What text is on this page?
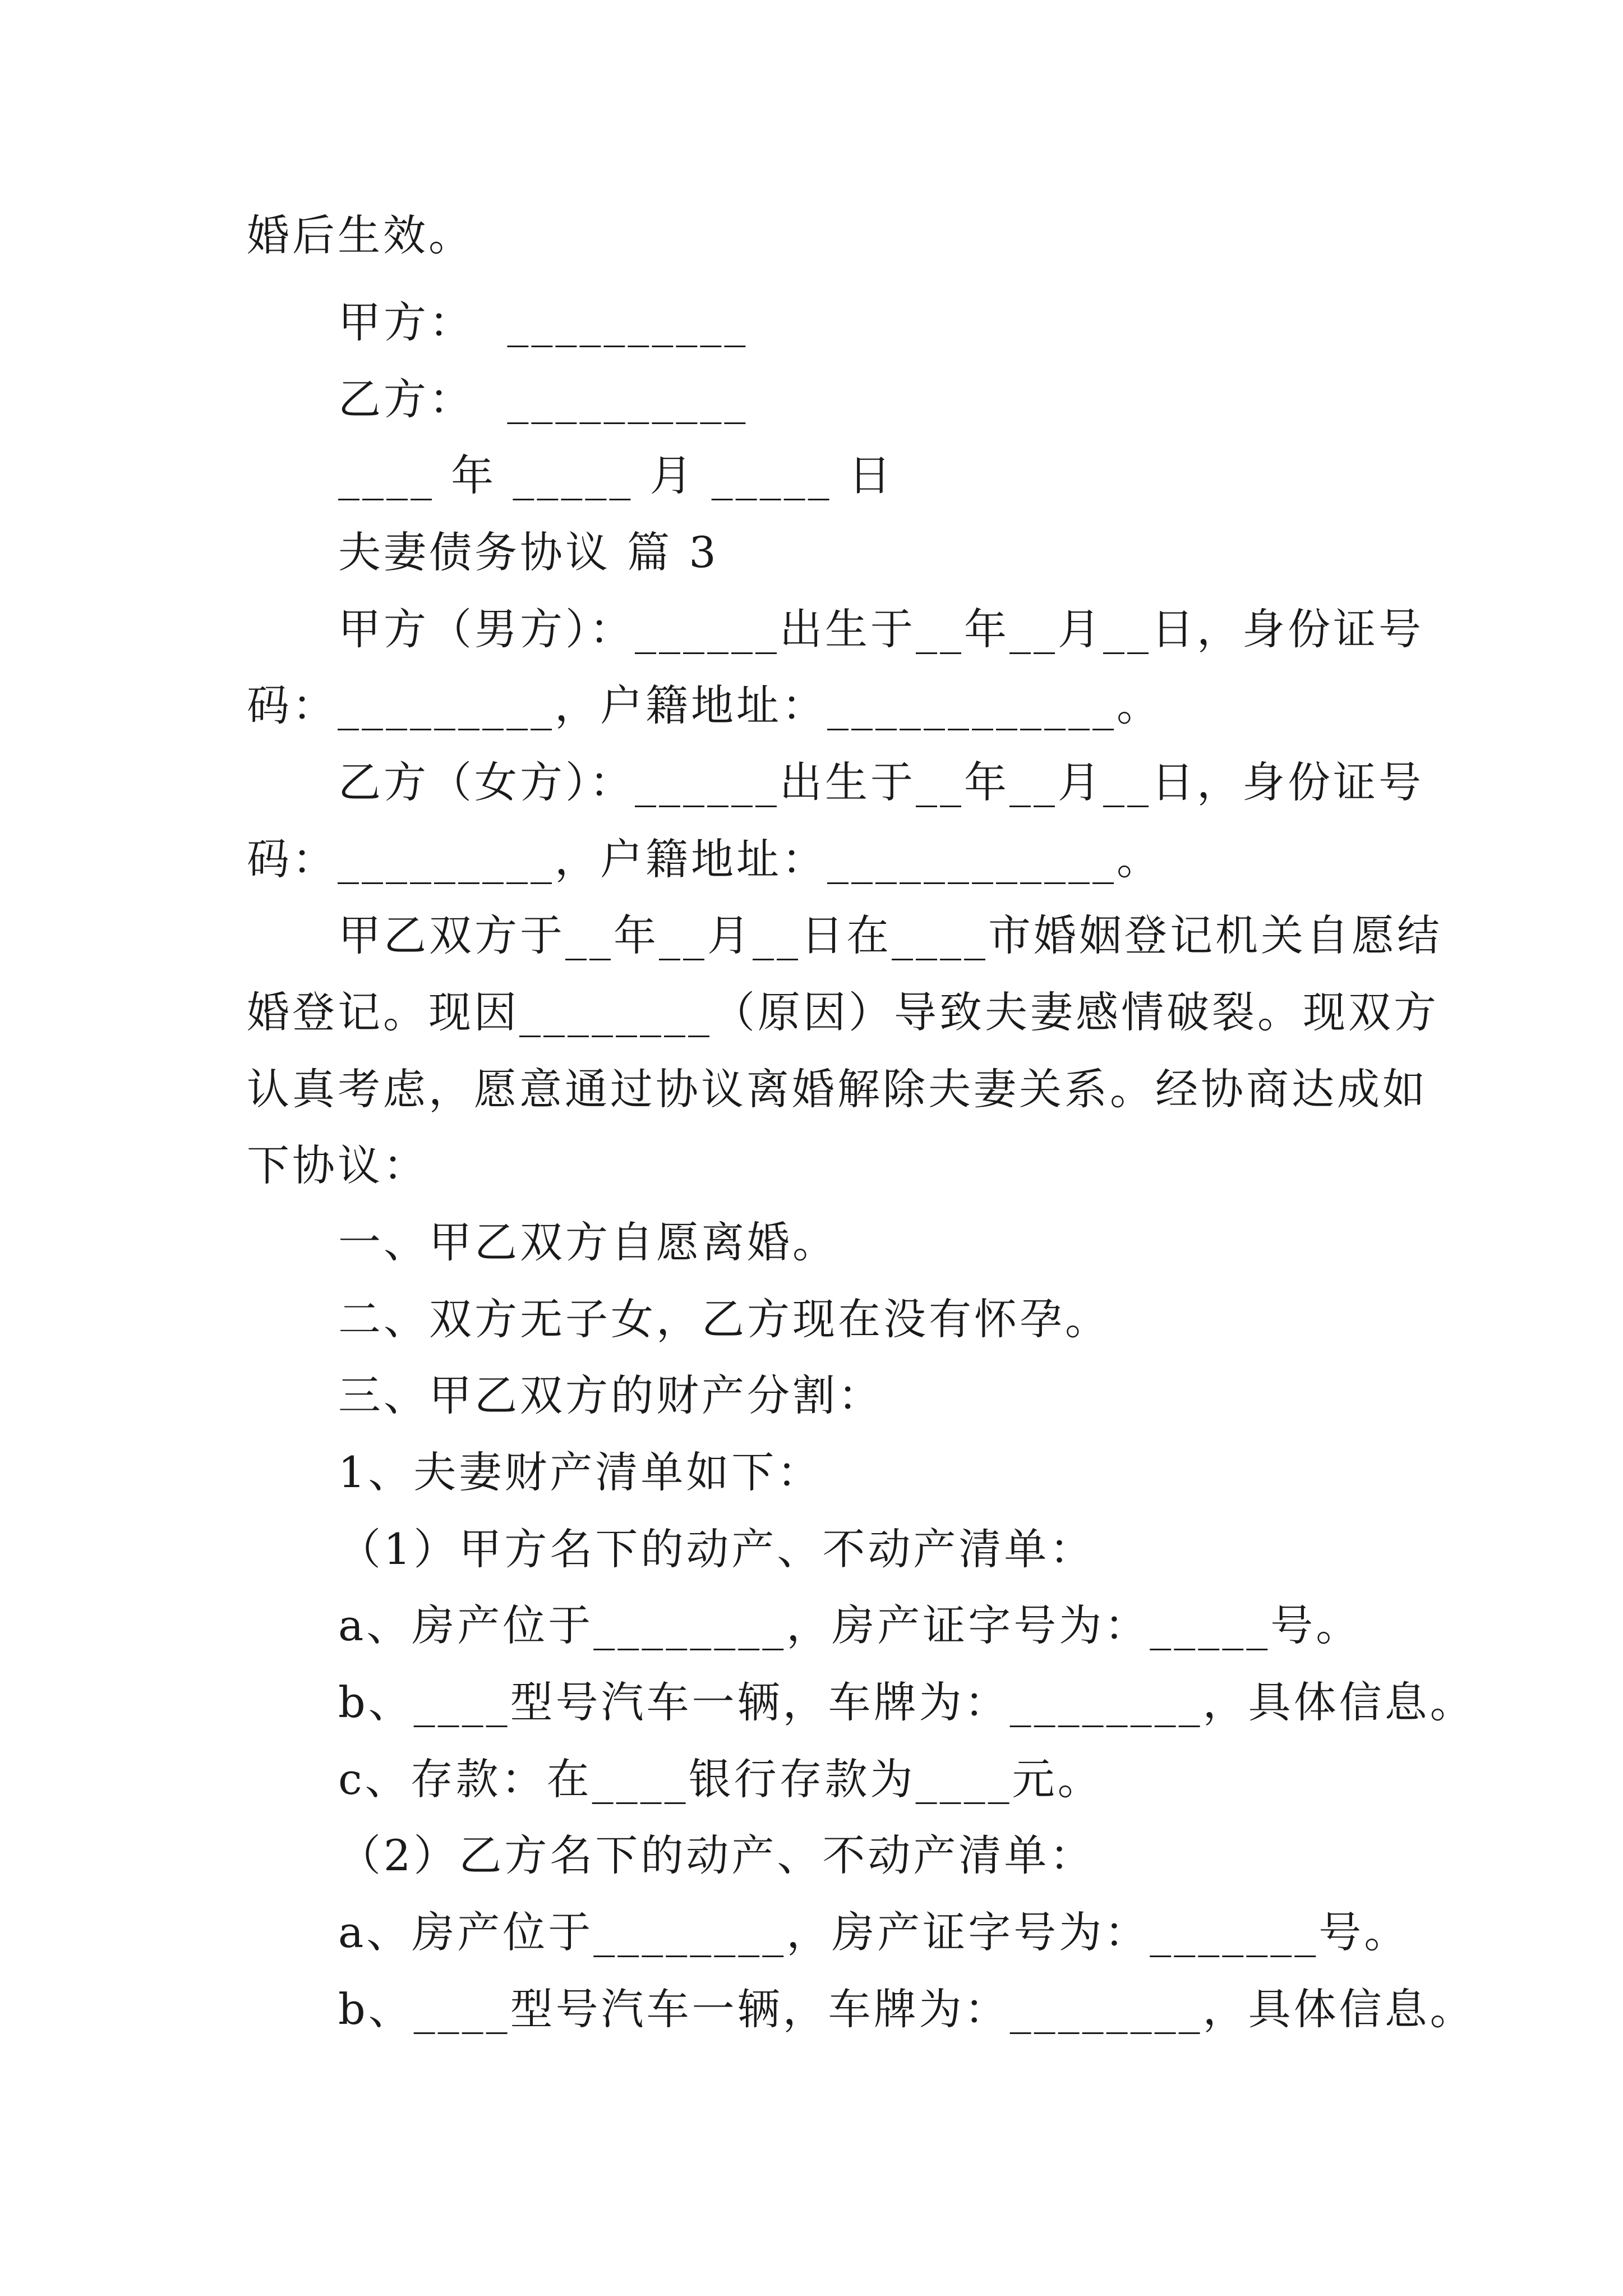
婚后生效。
甲方：  __________
乙方：  __________
____ 年 _____ 月 _____ 日
夫妻债务协议 篇 3
甲方（男方）：______出生于__年__月__日，身份证号
码：_________，户籍地址：____________。
乙方（女方）：______出生于__年__月__日，身份证号
码：_________，户籍地址：____________。
甲乙双方于__年__月__日在____市婚姻登记机关自愿结
婚登记。现因________（原因）导致夫妻感情破裂。现双方
认真考虑，愿意通过协议离婚解除夫妻关系。经协商达成如
下协议：
一、甲乙双方自愿离婚。
二、双方无子女，乙方现在没有怀孕。
三、甲乙双方的财产分割：
1、夫妻财产清单如下：
（1）甲方名下的动产、不动产清单：
a、房产位于________，房产证字号为：_____号。
b、____型号汽车一辆，车牌为：________，具体信息。
c、存款：在____银行存款为____元。
（2）乙方名下的动产、不动产清单：
a、房产位于________，房产证字号为：_______号。
b、____型号汽车一辆，车牌为：________，具体信息。
